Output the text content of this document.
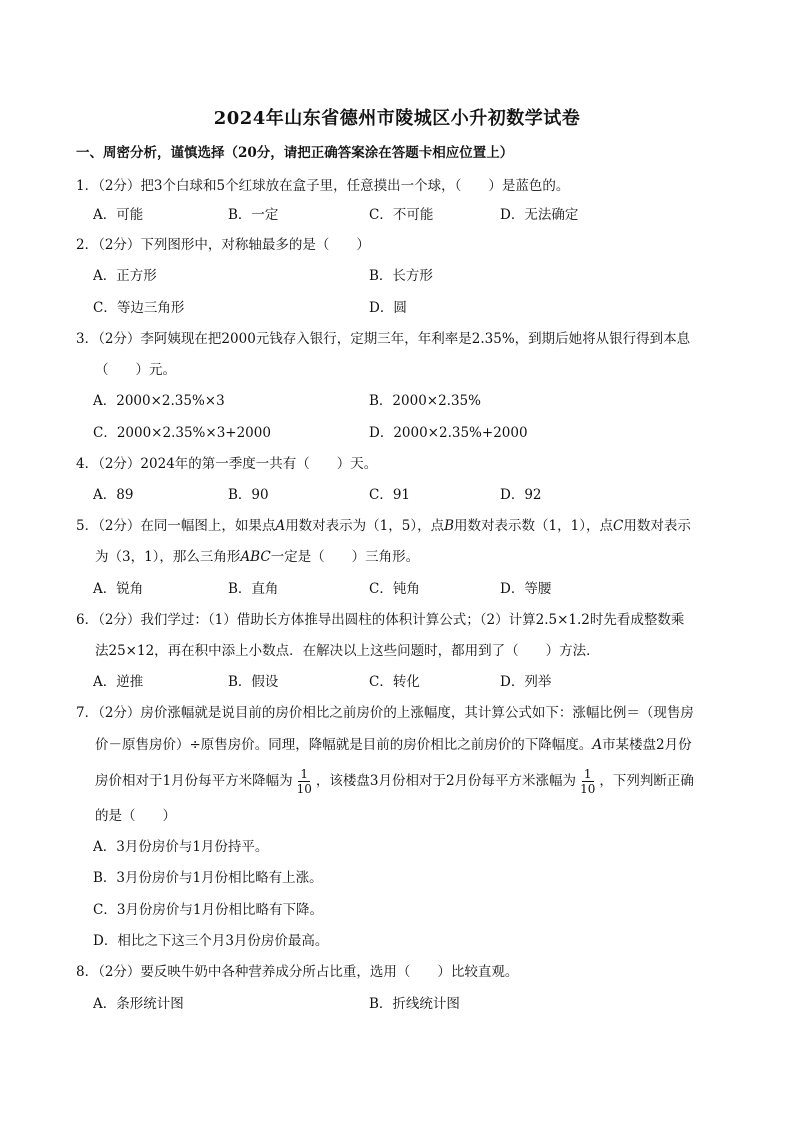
2024年山东省德州市陵城区小升初数学试卷
一、周密分析，谨慎选择（20分，请把正确答案涂在答题卡相应位置上）
1．（2分）把3个白球和5个红球放在盒子里，任意摸出一个球，（　　）是蓝色的。
A．可能	B．一定	C．不可能	D．无法确定
2．（2分）下列图形中，对称轴最多的是（　　）
A．正方形	B．长方形
C．等边三角形	D．圆
3．（2分）李阿姨现在把2000元钱存入银行，定期三年，年利率是2.35%，到期后她将从银行得到本息
（　　）元。
A．2000×2.35%×3	B．2000×2.35%
C．2000×2.35%×3+2000	D．2000×2.35%+2000
4．（2分）2024年的第一季度一共有（　　）天。
A．89	B．90	C．91	D．92
5．（2分）在同一幅图上，如果点A用数对表示为（1，5），点B用数对表示数（1，1），点C用数对表示
为（3，1），那么三角形ABC一定是（　　）三角形。
A．锐角	B．直角	C．钝角	D．等腰
6．（2分）我们学过：（1）借助长方体推导出圆柱的体积计算公式；（2）计算2.5×1.2时先看成整数乘
法25×12，再在积中添上小数点．在解决以上这些问题时，都用到了（　　）方法．
A．逆推	B．假设	C．转化	D．列举
7．（2分）房价涨幅就是说目前的房价相比之前房价的上涨幅度，其计算公式如下：涨幅比例＝（现售房
价－原售房价）÷原售房价。同理，降幅就是目前的房价相比之前房价的下降幅度。A市某楼盘2月份
房价相对于1月份每平方米降幅为 $\frac{1}{10}$ ，该楼盘3月份相对于2月份每平方米涨幅为 $\frac{1}{10}$ ，下列判断正确
的是（　　）
A．3月份房价与1月份持平。
B．3月份房价与1月份相比略有上涨。
C．3月份房价与1月份相比略有下降。
D．相比之下这三个月3月份房价最高。
8．（2分）要反映牛奶中各种营养成分所占比重，选用（　　）比较直观。
A．条形统计图	B．折线统计图
